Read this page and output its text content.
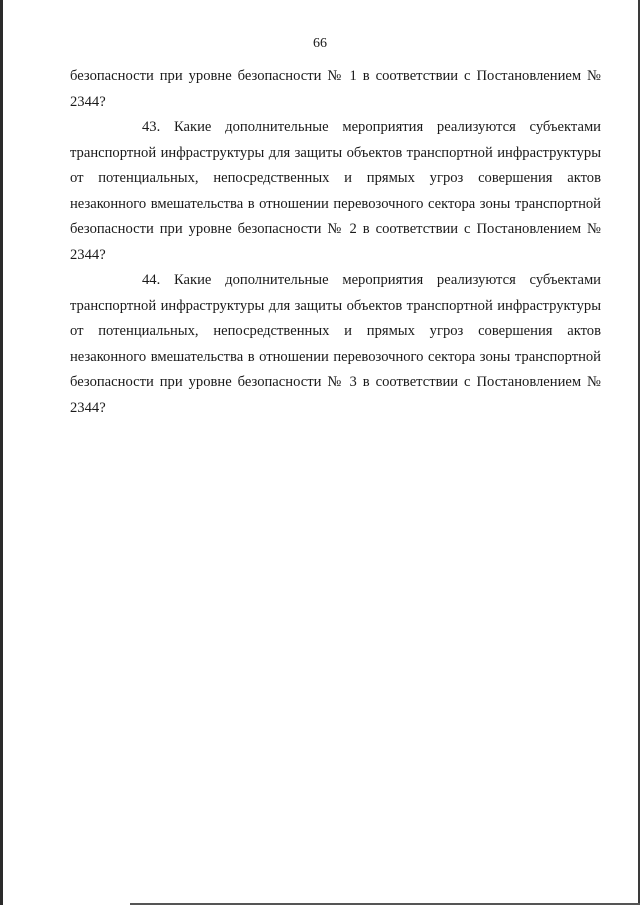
66

безопасности при уровне безопасности № 1 в соответствии с Постановлением № 2344?

43. Какие дополнительные мероприятия реализуются субъектами транспортной инфраструктуры для защиты объектов транспортной инфраструктуры от потенциальных, непосредственных и прямых угроз совершения актов незаконного вмешательства в отношении перевозочного сектора зоны транспортной безопасности при уровне безопасности № 2 в соответствии с Постановлением № 2344?

44. Какие дополнительные мероприятия реализуются субъектами транспортной инфраструктуры для защиты объектов транспортной инфраструктуры от потенциальных, непосредственных и прямых угроз совершения актов незаконного вмешательства в отношении перевозочного сектора зоны транспортной безопасности при уровне безопасности № 3 в соответствии с Постановлением № 2344?
